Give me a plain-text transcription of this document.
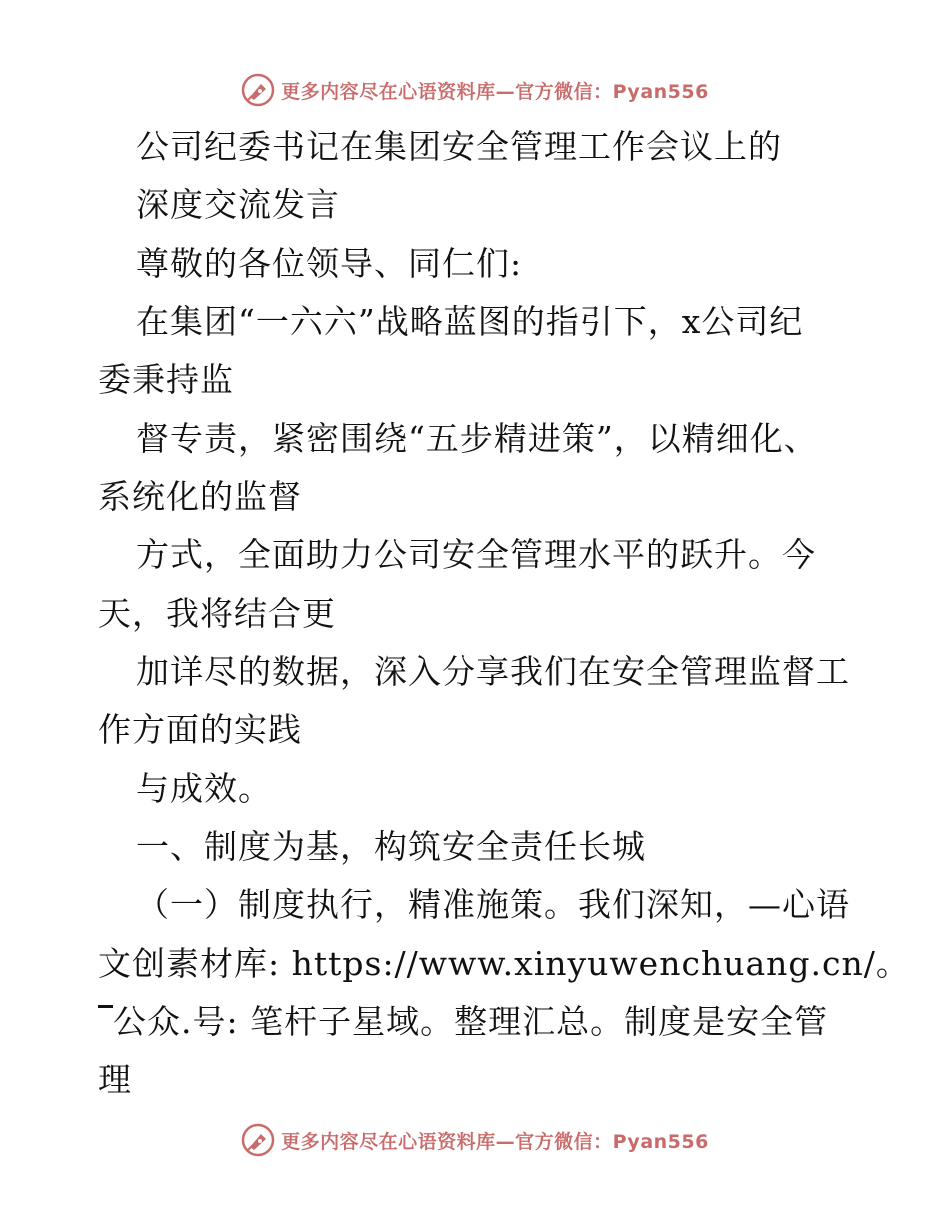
更多内容尽在心语资料库—官方微信：Pyan556
公司纪委书记在集团安全管理工作会议上的
深度交流发言
尊敬的各位领导、同仁们:
在集团“一六六”战略蓝图的指引下，x公司纪
委秉持监
督专责，紧密围绕“五步精进策”，以精细化、
系统化的监督
方式，全面助力公司安全管理水平的跃升。今
天，我将结合更
加详尽的数据，深入分享我们在安全管理监督工
作方面的实践
与成效。
一、制度为基，构筑安全责任长城
（一）制度执行，精准施策。我们深知，—心语
文创素材库: https://www.xinyuwenchuang.cn/。
公众.号: 笔杆子星域。整理汇总。制度是安全管
理
更多内容尽在心语资料库—官方微信：Pyan556
